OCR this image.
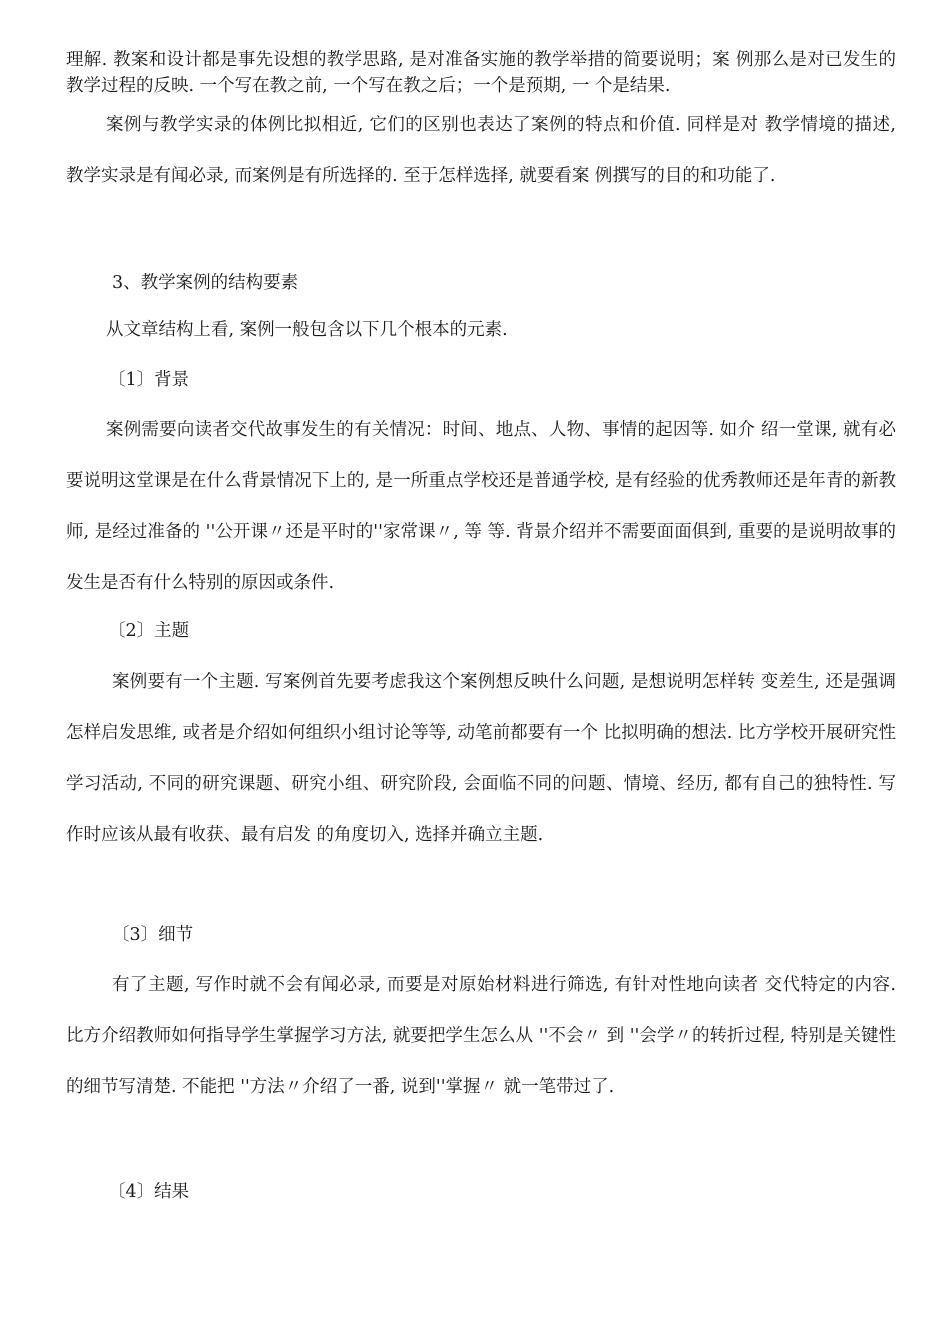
理解. 教案和设计都是事先设想的教学思路, 是对准备实施的教学举措的简要说明；案 例那么是对已发生的教学过程的反映. 一个写在教之前, 一个写在教之后；一个是预期, 一 个是结果.

案例与教学实录的体例比拟相近, 它们的区别也表达了案例的特点和价值. 同样是对 教学情境的描述, 教学实录是有闻必录, 而案例是有所选择的. 至于怎样选择, 就要看案 例撰写的目的和功能了.

3、教学案例的结构要素

从文章结构上看, 案例一般包含以下几个根本的元素.

〔1〕背景

案例需要向读者交代故事发生的有关情况：时间、地点、人物、事情的起因等. 如介 绍一堂课, 就有必要说明这堂课是在什么背景情况下上的, 是一所重点学校还是普通学校, 是有经验的优秀教师还是年青的新教师, 是经过准备的 ''公开课〃还是平时的''家常课〃, 等 等. 背景介绍并不需要面面俱到, 重要的是说明故事的发生是否有什么特别的原因或条件.

〔2〕主题

案例要有一个主题. 写案例首先要考虑我这个案例想反映什么问题, 是想说明怎样转 变差生, 还是强调怎样启发思维, 或者是介绍如何组织小组讨论等等, 动笔前都要有一个 比拟明确的想法. 比方学校开展研究性学习活动, 不同的研究课题、研究小组、研究阶段, 会面临不同的问题、情境、经历, 都有自己的独特性. 写作时应该从最有收获、最有启发 的角度切入, 选择并确立主题.

〔3〕细节

有了主题, 写作时就不会有闻必录, 而要是对原始材料进行筛选, 有针对性地向读者 交代特定的内容. 比方介绍教师如何指导学生掌握学习方法, 就要把学生怎么从 ''不会〃 到 ''会学〃的转折过程, 特别是关键性的细节写清楚. 不能把 ''方法〃介绍了一番, 说到''掌握〃 就一笔带过了.

〔4〕结果
